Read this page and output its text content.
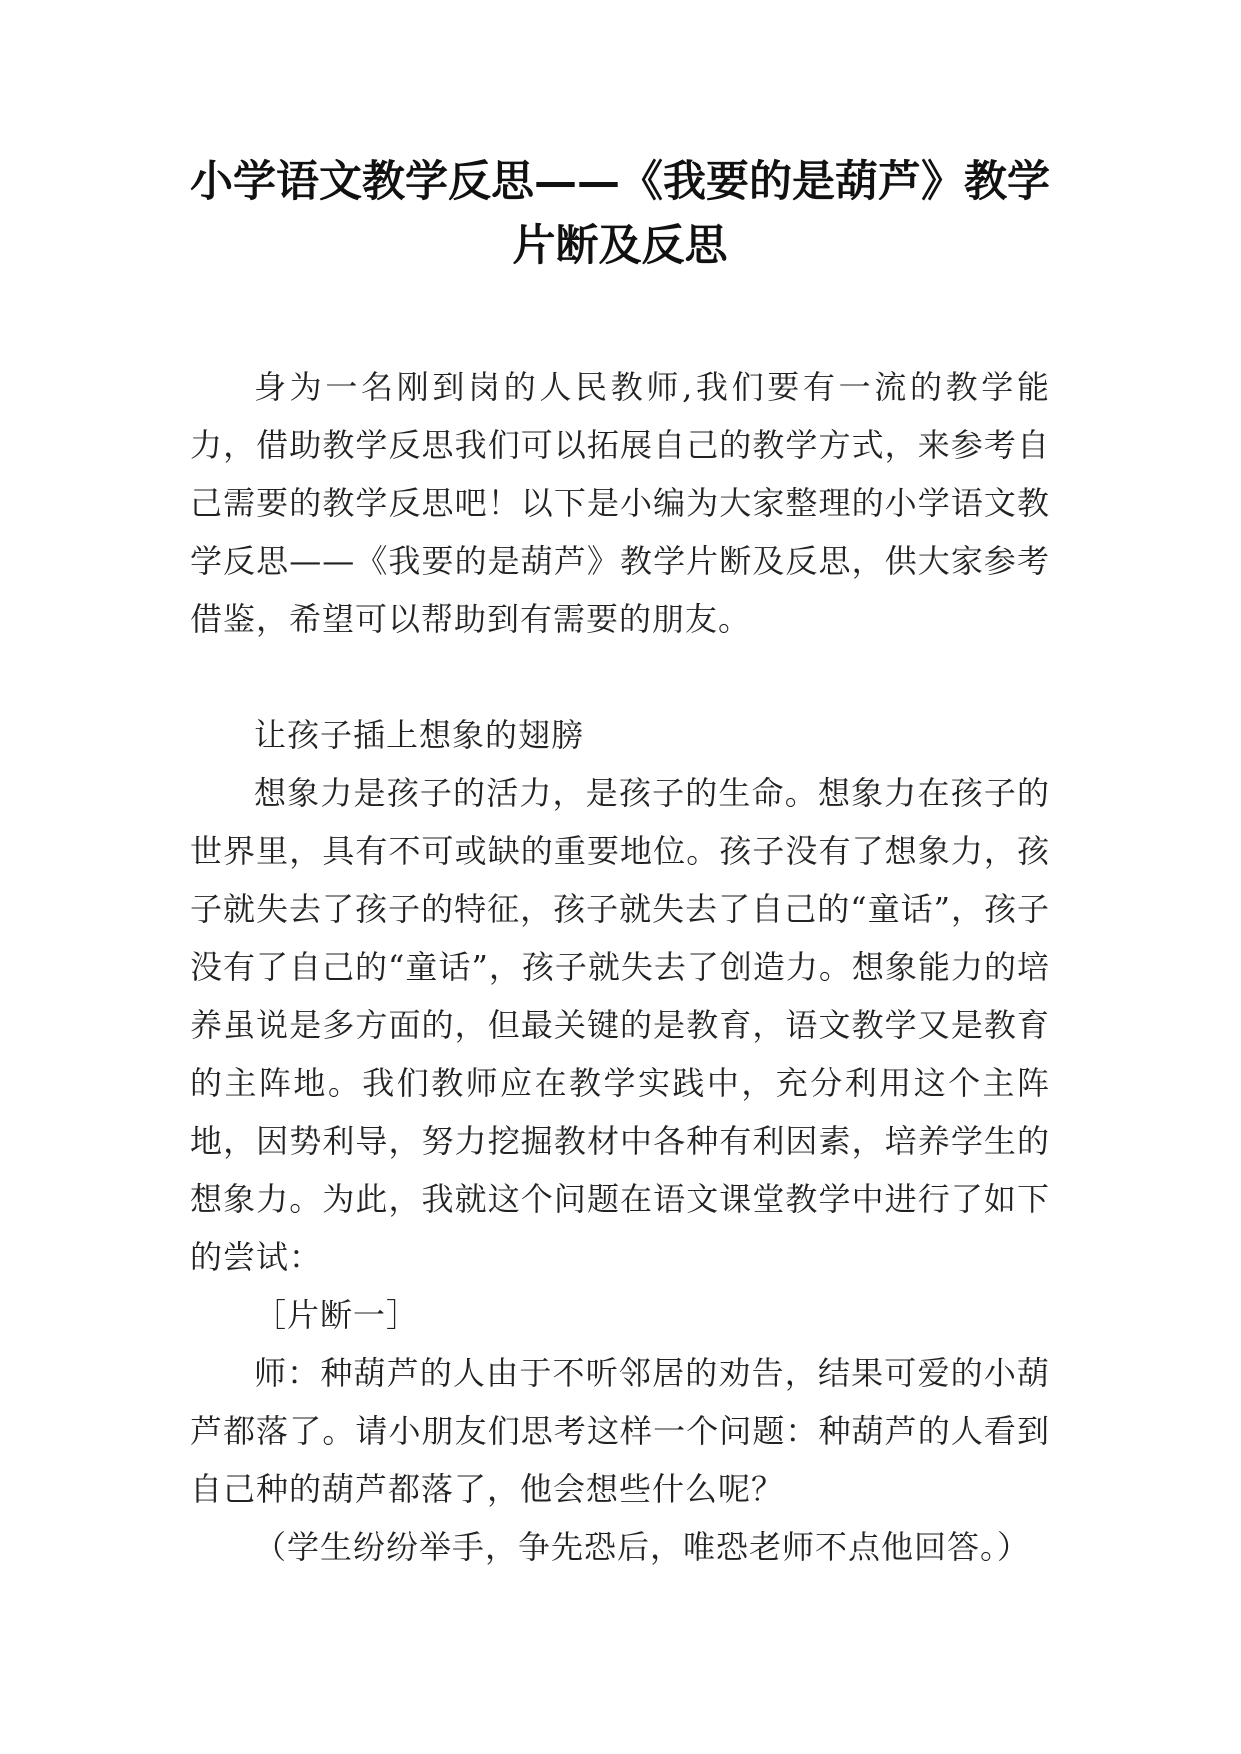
小学语文教学反思——《我要的是葫芦》教学片断及反思

身为一名刚到岗的人民教师,我们要有一流的教学能力，借助教学反思我们可以拓展自己的教学方式，来参考自己需要的教学反思吧！以下是小编为大家整理的小学语文教学反思——《我要的是葫芦》教学片断及反思，供大家参考借鉴，希望可以帮助到有需要的朋友。

让孩子插上想象的翅膀

想象力是孩子的活力，是孩子的生命。想象力在孩子的世界里，具有不可或缺的重要地位。孩子没有了想象力，孩子就失去了孩子的特征，孩子就失去了自己的“童话”，孩子没有了自己的“童话”，孩子就失去了创造力。想象能力的培养虽说是多方面的，但最关键的是教育，语文教学又是教育的主阵地。我们教师应在教学实践中，充分利用这个主阵地，因势利导，努力挖掘教材中各种有利因素，培养学生的想象力。为此，我就这个问题在语文课堂教学中进行了如下的尝试：

［片断一］

师：种葫芦的人由于不听邻居的劝告，结果可爱的小葫芦都落了。请小朋友们思考这样一个问题：种葫芦的人看到自己种的葫芦都落了，他会想些什么呢？

（学生纷纷举手，争先恐后，唯恐老师不点他回答。）
